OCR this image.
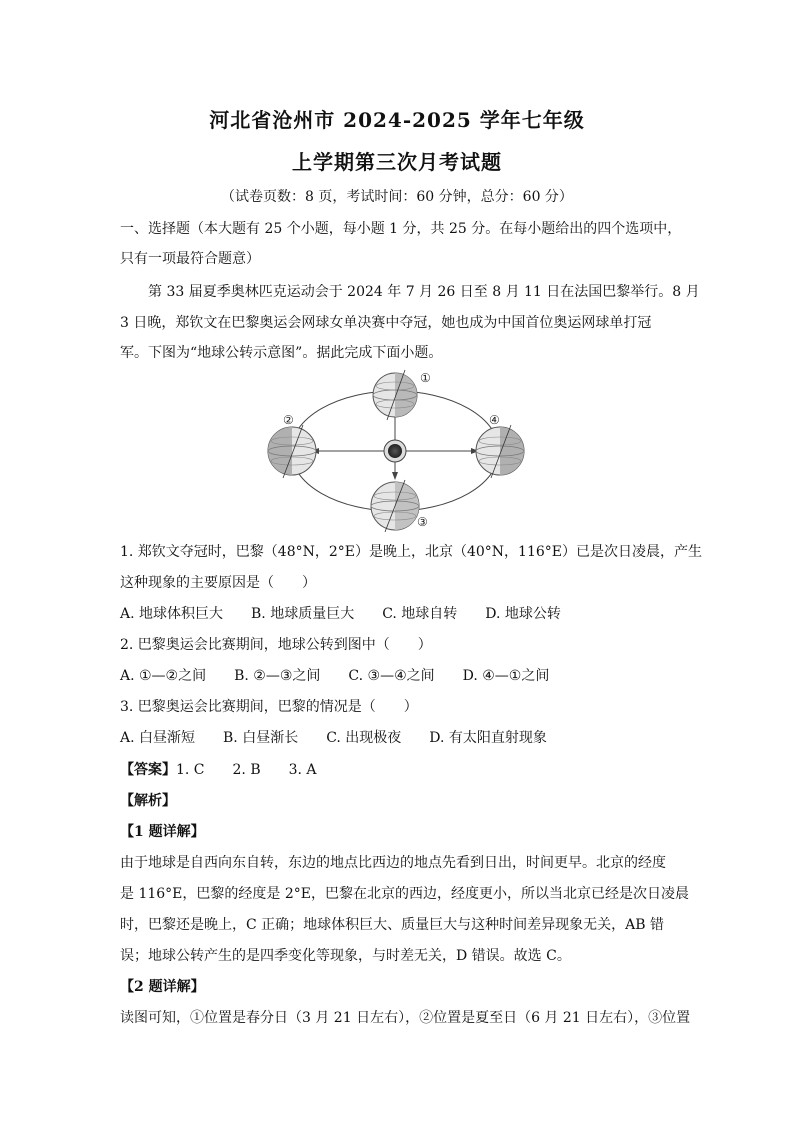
河北省沧州市 2024-2025 学年七年级
上学期第三次月考试题
（试卷页数：8 页，考试时间：60 分钟，总分：60 分）
一、选择题（本大题有 25 个小题，每小题 1 分，共 25 分。在每小题给出的四个选项中，
只有一项最符合题意）
第 33 届夏季奥林匹克运动会于 2024 年 7 月 26 日至 8 月 11 日在法国巴黎举行。8 月
3 日晚，郑钦文在巴黎奥运会网球女单决赛中夺冠，她也成为中国首位奥运网球单打冠
军。下图为“地球公转示意图”。据此完成下面小题。
①
②
③
④
1. 郑钦文夺冠时，巴黎（48°N，2°E）是晚上，北京（40°N，116°E）已是次日凌晨，产生
这种现象的主要原因是（　　）
A. 地球体积巨大　　B. 地球质量巨大　　C. 地球自转　　D. 地球公转
2. 巴黎奥运会比赛期间，地球公转到图中（　　）
A. ①—②之间　　B. ②—③之间　　C. ③—④之间　　D. ④—①之间
3. 巴黎奥运会比赛期间，巴黎的情况是（　　）
A. 白昼渐短　　B. 白昼渐长　　C. 出现极夜　　D. 有太阳直射现象
【答案】1. C　　2. B　　3. A
【解析】
【1 题详解】
由于地球是自西向东自转，东边的地点比西边的地点先看到日出，时间更早。北京的经度
是 116°E，巴黎的经度是 2°E，巴黎在北京的西边，经度更小，所以当北京已经是次日凌晨
时，巴黎还是晚上，C 正确；地球体积巨大、质量巨大与这种时间差异现象无关，AB 错
误；地球公转产生的是四季变化等现象，与时差无关，D 错误。故选 C。
【2 题详解】
读图可知，①位置是春分日（3 月 21 日左右），②位置是夏至日（6 月 21 日左右），③位置
